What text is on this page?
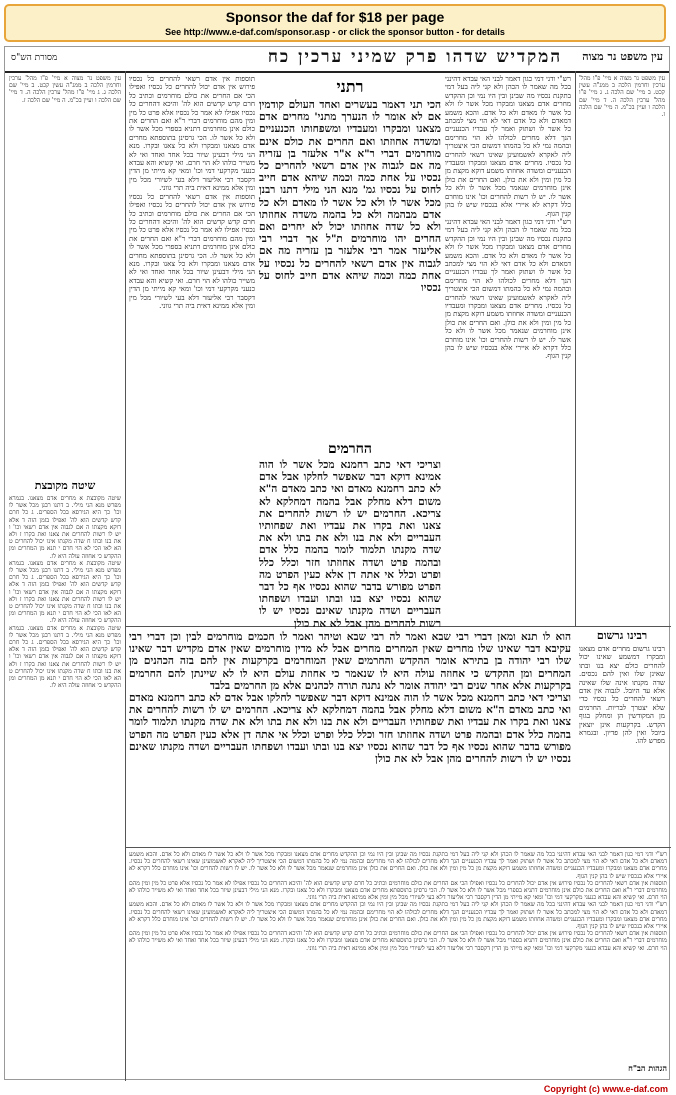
Sponsor the daf for $18 per page
See http://www.e-daf.com/sponsor.asp - or click the sponsor button - for details
מסורת הש"ס	המקדיש שדהו פרק שמיני ערכין כח	עין משפט נר מצוה

עין משפט נר מצוה א מיי' פ"ו מהל' ערכין וחרמין הלכה ב ממג"ה עשין קכט. ב מיי' שם הלכה ג. ג מיי' פ"ו מהל' ערכין הלכה ה. ד מיי' שם הלכה ו ועיין בכ"מ. ה מיי' שם הלכה ז.

רבינו גרשום

רבינו גרשום מחרים אדם מצאנו ומבקרו דמשמע שאינו יכול להחרים כולם יצא בנו ובתו שאינן שלו ואין להם נכסים. שדה מקנתו אינה שלו שאינה אלא עד היובל. לגבוה אין אדם רשאי להחרים כל נכסיו כדי שלא יצטרך לבריות. החרמים מן המקודשין הן ומחלק בגוף הקדש. בקרקעות אינן יוצאין ביובל ואין להן פדיון. ובגמרא מפרש להו.

עין משפט נר מצוה א מיי' פ"ו מהל' ערכין וחרמין הלכה ב ממג"ה עשין קכט. ב מיי' שם הלכה ג. ג מיי' פ"ו מהל' ערכין הלכה ה. ד מיי' שם הלכה ו ועיין בכ"מ. ה מיי' שם הלכה ז.

שיטה מקובצת

שיטה מקובצת א מחרים אדם מצאנו. בגמרא מפרש מנא הני מילי. ב דתנו רבנן מכל אשר לו וכו' כך היא הגירסא בכל הספרים. ג כל חרם קדש קדשים הוא לה' ואפילו בזמן הזה ד אלא דוקא מקצתו ה אם לגבוה אין אדם רשאי וכו' ו יש לו רשות להחרים את צאנו ואת בקרו ז ולא את בנו ובתו ח שדה מקנתו אינו יכול להחרים ט הא לאו הכי לא הוי חרם י תנא מן המחרים ומן ההקדש כי אחוזה עולה היא לו.

שיטה מקובצת א מחרים אדם מצאנו. בגמרא מפרש מנא הני מילי. ב דתנו רבנן מכל אשר לו וכו' כך היא הגירסא בכל הספרים. ג כל חרם קדש קדשים הוא לה' ואפילו בזמן הזה ד אלא דוקא מקצתו ה אם לגבוה אין אדם רשאי וכו' ו יש לו רשות להחרים את צאנו ואת בקרו ז ולא את בנו ובתו ח שדה מקנתו אינו יכול להחרים ט הא לאו הכי לא הוי חרם י תנא מן המחרים ומן ההקדש כי אחוזה עולה היא לו.

שיטה מקובצת א מחרים אדם מצאנו. בגמרא מפרש מנא הני מילי. ב דתנו רבנן מכל אשר לו וכו' כך היא הגירסא בכל הספרים. ג כל חרם קדש קדשים הוא לה' ואפילו בזמן הזה ד אלא דוקא מקצתו ה אם לגבוה אין אדם רשאי וכו' ו יש לו רשות להחרים את צאנו ואת בקרו ז ולא את בנו ובתו ח שדה מקנתו אינו יכול להחרים ט הא לאו הכי לא הוי חרם י תנא מן המחרים ומן ההקדש כי אחוזה עולה היא לו.

רש"י ודני דמי כגון דאמר לבני האי עבדא דהינני בכל מה שאמר לו הכהן ולא קני ליה בעל דמי בתקנת נכסיו מה שבינן ובין היו נמי וכן ההקדש מחרים אדם מצאנו ומבקרו מכל אשר לו ולא כל אשר לו מאדם ולא כל אדם. והכא משמע דמאדם ולא כל אדם דאי לא הוי מצי למכתב כל אשר לו ושתוק ואמר לך עבדיו הכנעניים הנך דלא מחרים לכולהו לא הוי מחרימם ובהמה נמי לא כל בהמתו דמשום הכי איצטריך ליה לאקרא לאשמועינן שאינו רשאי להחרים כל נכסיו. מחרים אדם מצאנו ומבקרו ומעבדיו הכנעניים ומשדה אחוזתו משמע דוקא מקצת מן כל מין ומין ולא את כולן. ואם החרים את כולן אינן מוחרמים שנאמר מכל אשר לו ולא כל אשר לו. יש לו רשות להחרים וכו' אינו מוחרם כלל דקרא לא איירי אלא בנכסיו שיש לו בהן קנין הגוף.

רש"י ודני דמי כגון דאמר לבני האי עבדא דהינני בכל מה שאמר לו הכהן ולא קני ליה בעל דמי בתקנת נכסיו מה שבינן ובין היו נמי וכן ההקדש מחרים אדם מצאנו ומבקרו מכל אשר לו ולא כל אשר לו מאדם ולא כל אדם. והכא משמע דמאדם ולא כל אדם דאי לא הוי מצי למכתב כל אשר לו ושתוק ואמר לך עבדיו הכנעניים הנך דלא מחרים לכולהו לא הוי מחרימם ובהמה נמי לא כל בהמתו דמשום הכי איצטריך ליה לאקרא לאשמועינן שאינו רשאי להחרים כל נכסיו. מחרים אדם מצאנו ומבקרו ומעבדיו הכנעניים ומשדה אחוזתו משמע דוקא מקצת מן כל מין ומין ולא את כולן. ואם החרים את כולן אינן מוחרמים שנאמר מכל אשר לו ולא כל אשר לו. יש לו רשות להחרים וכו' אינו מוחרם כלל דקרא לא איירי אלא בנכסיו שיש לו בהן קנין הגוף.

תוספות אין אדם רשאי להחרים כל נכסיו פירוש אין אדם יכול להחרים כל נכסיו ואפילו הכי אם החרים את כולם מוחרמים וכתיב כל חרם קדש קדשים הוא לה' והיכא דהחרים כל נכסיו אפילו לא אמר כל נכסיו אלא פרט כל מין ומין מהם מוחרמים דברי ר"א ואם החרים את כולם אינן מוחרמים דתניא בספרי מכל אשר לו ולא כל אשר לו. הכי גרסינן בתוספתא מחרים אדם מצאנו ומבקרו ולא כל צאנו ובקרו. מנא הני מילי דבעינן שיור בכל אחד ואחד ואי לא משייר כולהו לא הוי חרם. ואי קשיא והא עבדא כנעני מקרקעי דמי וכו' ומאי קא מייתי מן הדין דקסבר רבי אליעזר דלא בעי לשיורי מכל מין ומין אלא ממינא דאית ביה תרי גווני.

תוספות אין אדם רשאי להחרים כל נכסיו פירוש אין אדם יכול להחרים כל נכסיו ואפילו הכי אם החרים את כולם מוחרמים וכתיב כל חרם קדש קדשים הוא לה' והיכא דהחרים כל נכסיו אפילו לא אמר כל נכסיו אלא פרט כל מין ומין מהם מוחרמים דברי ר"א ואם החרים את כולם אינן מוחרמים דתניא בספרי מכל אשר לו ולא כל אשר לו. הכי גרסינן בתוספתא מחרים אדם מצאנו ומבקרו ולא כל צאנו ובקרו. מנא הני מילי דבעינן שיור בכל אחד ואחד ואי לא משייר כולהו לא הוי חרם. ואי קשיא והא עבדא כנעני מקרקעי דמי וכו' ומאי קא מייתי מן הדין דקסבר רבי אליעזר דלא בעי לשיורי מכל מין ומין אלא ממינא דאית ביה תרי גווני.

רתני

הכי תני דאמר בעשרים ואחד העולם קודמין אם לא אומר לו הנערך מתני' מחרים אדם מצאנו ומבקרו ומעבדיו ומשפחותו הכנעניים ומשדה אחוזתו ואם החרים את כולם אינם מוחרמים דברי ר"א א"ר אלעזר בן עזריה מה אם לגבוה אין אדם רשאי להחרים כל נכסיו על אחת כמה וכמה שיהא אדם חייב לחוס על נכסיו גמ' מנא הני מילי דתנו רבנן מכל אשר לו ולא כל אשר לו מאדם ולא כל אדם מבהמה ולא כל בהמה משדה אחוזתו ולא כל שדה אחוזתו יכול לא יחרים ואם החרים יהו מוחרמים ת"ל אך דברי רבי אליעזר אמר רבי אלעזר בן עזריה מה אם לגבוה אין אדם רשאי להחרים כל נכסיו על אחת כמה וכמה שיהא אדם חייב לחוס על נכסיו

החרמים

וצריכי דאי כתב רחמנא מכל אשר לו הוה אמינא דוקא דבר שאפשר לחלקו אבל אדם לא כתב רחמנא מאדם ואי כתב מאדם ה"א משום דלא מחלק אבל בהמה דמחלקא לא צריכא. החרמים יש לו רשות להחרים את צאנו ואת בקרו את עבדיו ואת שפחותיו העבריים ולא את בנו ולא את בתו ולא את שדה מקנתו תלמוד לומר בהמה כלל אדם ובהמה פרט ושדה אחוזתו חזר וכלל כלל ופרט וכלל אי אתה דן אלא כעין הפרט מה הפרט מפורש בדבר שהוא נכסיו אף כל דבר שהוא נכסיו יצא בנו ובתו ועבדו ושפחתו העבריים ושדה מקנתו שאינם נכסיו יש לו רשות להחרים מהן אבל לא את כולן

הוא לו תנא ומאן דברי רבי שבא ואמר לה רבי שבא וטיהר ואמר לו חכמים מוחרמים לבין וכן דברי רבי עקיבא דבר שאינו שלו מחרים שאין המחרים מחרים אבל לא מדין מוחרמים שאין אדם מקדיש דבר שאינו שלו רבי יהודה בן בתירא אומר ההקדש והחרמים שאין המוחרמים בקרקעות אין להם בזה הכהנים מן המחרים ומן ההקדש כי אחוזה עולה היא לו שנאמר כי אחוזת עולם היא לו לא שיינתן להם החרמים בקרקעות אלא אחר שנים רבי יהודה אומר לא נתנה תורה לכהנים אלא מן החרמים בלבד

וצריכי דאי כתב רחמנא מכל אשר לו הוה אמינא דוקא דבר שאפשר לחלקו אבל אדם לא כתב רחמנא מאדם ואי כתב מאדם ה"א משום דלא מחלק אבל בהמה דמחלקא לא צריכא. החרמים יש לו רשות להחרים את צאנו ואת בקרו את עבדיו ואת שפחותיו העבריים ולא את בנו ולא את בתו ולא את שדה מקנתו תלמוד לומר בהמה כלל אדם ובהמה פרט ושדה אחוזתו חזר וכלל כלל ופרט וכלל אי אתה דן אלא כעין הפרט מה הפרט מפורש בדבר שהוא נכסיו אף כל דבר שהוא נכסיו יצא בנו ובתו ועבדו ושפחתו העבריים ושדה מקנתו שאינם נכסיו יש לו רשות להחרים מהן אבל לא את כולן

רש"י ודני דמי כגון דאמר לבני האי עבדא דהינני בכל מה שאמר לו הכהן ולא קני ליה בעל דמי בתקנת נכסיו מה שבינן ובין היו נמי וכן ההקדש מחרים אדם מצאנו ומבקרו מכל אשר לו ולא כל אשר לו מאדם ולא כל אדם. והכא משמע דמאדם ולא כל אדם דאי לא הוי מצי למכתב כל אשר לו ושתוק ואמר לך עבדיו הכנעניים הנך דלא מחרים לכולהו לא הוי מחרימם ובהמה נמי לא כל בהמתו דמשום הכי איצטריך ליה לאקרא לאשמועינן שאינו רשאי להחרים כל נכסיו. מחרים אדם מצאנו ומבקרו ומעבדיו הכנעניים ומשדה אחוזתו משמע דוקא מקצת מן כל מין ומין ולא את כולן. ואם החרים את כולן אינן מוחרמים שנאמר מכל אשר לו ולא כל אשר לו. יש לו רשות להחרים וכו' אינו מוחרם כלל דקרא לא איירי אלא בנכסיו שיש לו בהן קנין הגוף.

תוספות אין אדם רשאי להחרים כל נכסיו פירוש אין אדם יכול להחרים כל נכסיו ואפילו הכי אם החרים את כולם מוחרמים וכתיב כל חרם קדש קדשים הוא לה' והיכא דהחרים כל נכסיו אפילו לא אמר כל נכסיו אלא פרט כל מין ומין מהם מוחרמים דברי ר"א ואם החרים את כולם אינן מוחרמים דתניא בספרי מכל אשר לו ולא כל אשר לו. הכי גרסינן בתוספתא מחרים אדם מצאנו ומבקרו ולא כל צאנו ובקרו. מנא הני מילי דבעינן שיור בכל אחד ואחד ואי לא משייר כולהו לא הוי חרם. ואי קשיא והא עבדא כנעני מקרקעי דמי וכו' ומאי קא מייתי מן הדין דקסבר רבי אליעזר דלא בעי לשיורי מכל מין ומין אלא ממינא דאית ביה תרי גווני.

רש"י ודני דמי כגון דאמר לבני האי עבדא דהינני בכל מה שאמר לו הכהן ולא קני ליה בעל דמי בתקנת נכסיו מה שבינן ובין היו נמי וכן ההקדש מחרים אדם מצאנו ומבקרו מכל אשר לו ולא כל אשר לו מאדם ולא כל אדם. והכא משמע דמאדם ולא כל אדם דאי לא הוי מצי למכתב כל אשר לו ושתוק ואמר לך עבדיו הכנעניים הנך דלא מחרים לכולהו לא הוי מחרימם ובהמה נמי לא כל בהמתו דמשום הכי איצטריך ליה לאקרא לאשמועינן שאינו רשאי להחרים כל נכסיו. מחרים אדם מצאנו ומבקרו ומעבדיו הכנעניים ומשדה אחוזתו משמע דוקא מקצת מן כל מין ומין ולא את כולן. ואם החרים את כולן אינן מוחרמים שנאמר מכל אשר לו ולא כל אשר לו. יש לו רשות להחרים וכו' אינו מוחרם כלל דקרא לא איירי אלא בנכסיו שיש לו בהן קנין הגוף.

תוספות אין אדם רשאי להחרים כל נכסיו פירוש אין אדם יכול להחרים כל נכסיו ואפילו הכי אם החרים את כולם מוחרמים וכתיב כל חרם קדש קדשים הוא לה' והיכא דהחרים כל נכסיו אפילו לא אמר כל נכסיו אלא פרט כל מין ומין מהם מוחרמים דברי ר"א ואם החרים את כולם אינן מוחרמים דתניא בספרי מכל אשר לו ולא כל אשר לו. הכי גרסינן בתוספתא מחרים אדם מצאנו ומבקרו ולא כל צאנו ובקרו. מנא הני מילי דבעינן שיור בכל אחד ואחד ואי לא משייר כולהו לא הוי חרם. ואי קשיא והא עבדא כנעני מקרקעי דמי וכו' ומאי קא מייתי מן הדין דקסבר רבי אליעזר דלא בעי לשיורי מכל מין ומין אלא ממינא דאית ביה תרי גווני.

הגהות הב"ח
Copyright (c) www.e-daf.com
